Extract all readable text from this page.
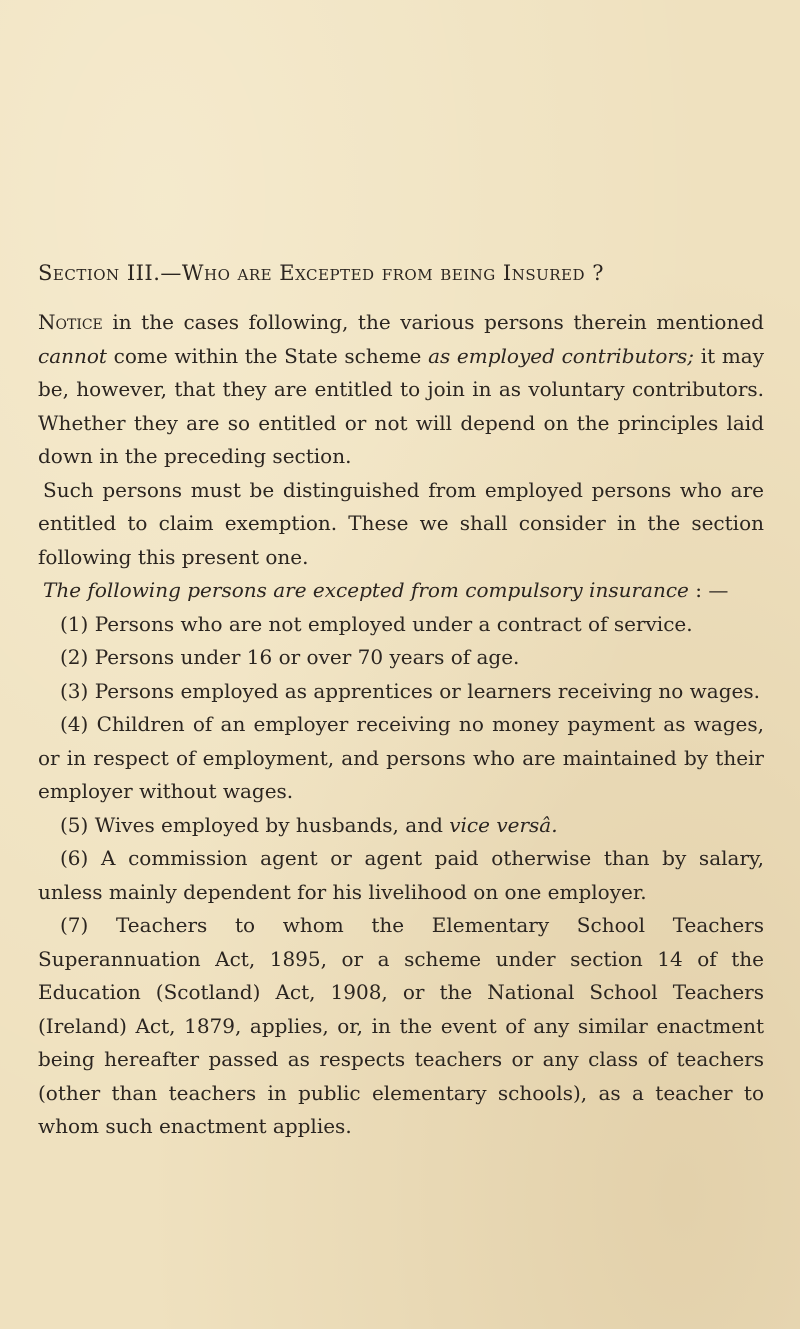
Section III.—Who are Excepted from being Insured ?

Notice in the cases following, the various persons therein mentioned cannot come within the State scheme as employed contributors; it may be, however, that they are entitled to join in as voluntary contributors. Whether they are so entitled or not will depend on the principles laid down in the preceding section.

Such persons must be distinguished from employed persons who are entitled to claim exemption. These we shall consider in the section following this present one.

The following persons are excepted from compulsory insurance : —

(1) Persons who are not employed under a contract of service.

(2) Persons under 16 or over 70 years of age.

(3) Persons employed as apprentices or learners receiving no wages.

(4) Children of an employer receiving no money payment as wages, or in respect of employment, and persons who are maintained by their employer without wages.

(5) Wives employed by husbands, and vice versâ.

(6) A commission agent or agent paid otherwise than by salary, unless mainly dependent for his livelihood on one employer.

(7) Teachers to whom the Elementary School Teachers Superannuation Act, 1895, or a scheme under section 14 of the Education (Scotland) Act, 1908, or the National School Teachers (Ireland) Act, 1879, applies, or, in the event of any similar enactment being hereafter passed as respects teachers or any class of teachers (other than teachers in public elementary schools), as a teacher to whom such enactment applies.
